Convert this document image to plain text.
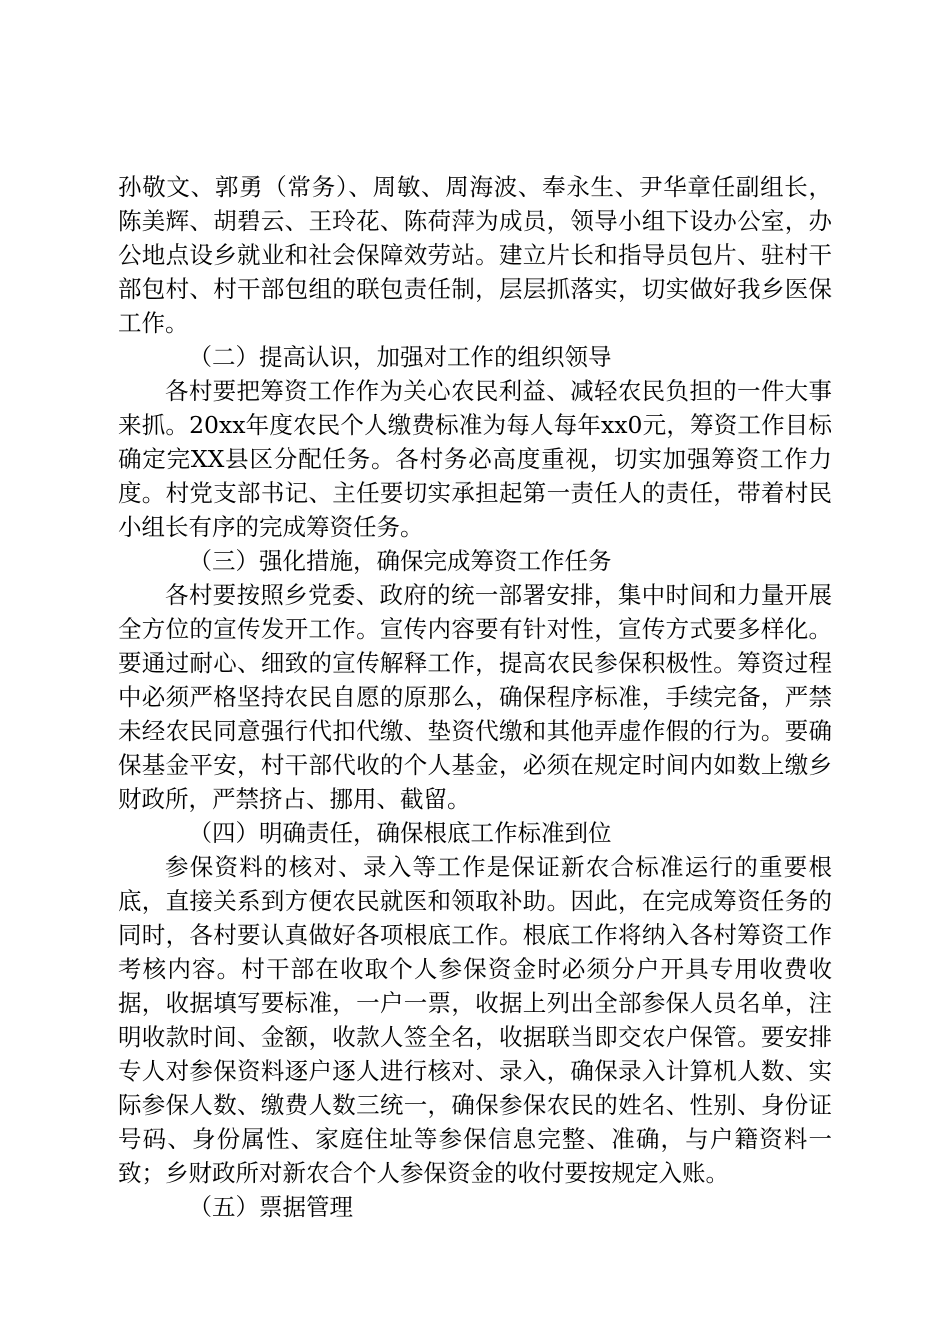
孙敬文、郭勇（常务）、周敏、周海波、奉永生、尹华章任副组长，陈美辉、胡碧云、王玲花、陈荷萍为成员，领导小组下设办公室，办公地点设乡就业和社会保障效劳站。建立片长和指导员包片、驻村干部包村、村干部包组的联包责任制，层层抓落实，切实做好我乡医保工作。

（二）提高认识，加强对工作的组织领导

各村要把筹资工作作为关心农民利益、减轻农民负担的一件大事来抓。20xx年度农民个人缴费标准为每人每年xx0元，筹资工作目标确定完XX县区分配任务。各村务必高度重视，切实加强筹资工作力度。村党支部书记、主任要切实承担起第一责任人的责任，带着村民小组长有序的完成筹资任务。

（三）强化措施，确保完成筹资工作任务

各村要按照乡党委、政府的统一部署安排，集中时间和力量开展全方位的宣传发开工作。宣传内容要有针对性，宣传方式要多样化。要通过耐心、细致的宣传解释工作，提高农民参保积极性。筹资过程中必须严格坚持农民自愿的原那么，确保程序标准，手续完备，严禁未经农民同意强行代扣代缴、垫资代缴和其他弄虚作假的行为。要确保基金平安，村干部代收的个人基金，必须在规定时间内如数上缴乡财政所，严禁挤占、挪用、截留。

（四）明确责任，确保根底工作标准到位

参保资料的核对、录入等工作是保证新农合标准运行的重要根底，直接关系到方便农民就医和领取补助。因此，在完成筹资任务的同时，各村要认真做好各项根底工作。根底工作将纳入各村筹资工作考核内容。村干部在收取个人参保资金时必须分户开具专用收费收据，收据填写要标准，一户一票，收据上列出全部参保人员名单，注明收款时间、金额，收款人签全名，收据联当即交农户保管。要安排专人对参保资料逐户逐人进行核对、录入，确保录入计算机人数、实际参保人数、缴费人数三统一，确保参保农民的姓名、性别、身份证号码、身份属性、家庭住址等参保信息完整、准确，与户籍资料一致；乡财政所对新农合个人参保资金的收付要按规定入账。

（五）票据管理
